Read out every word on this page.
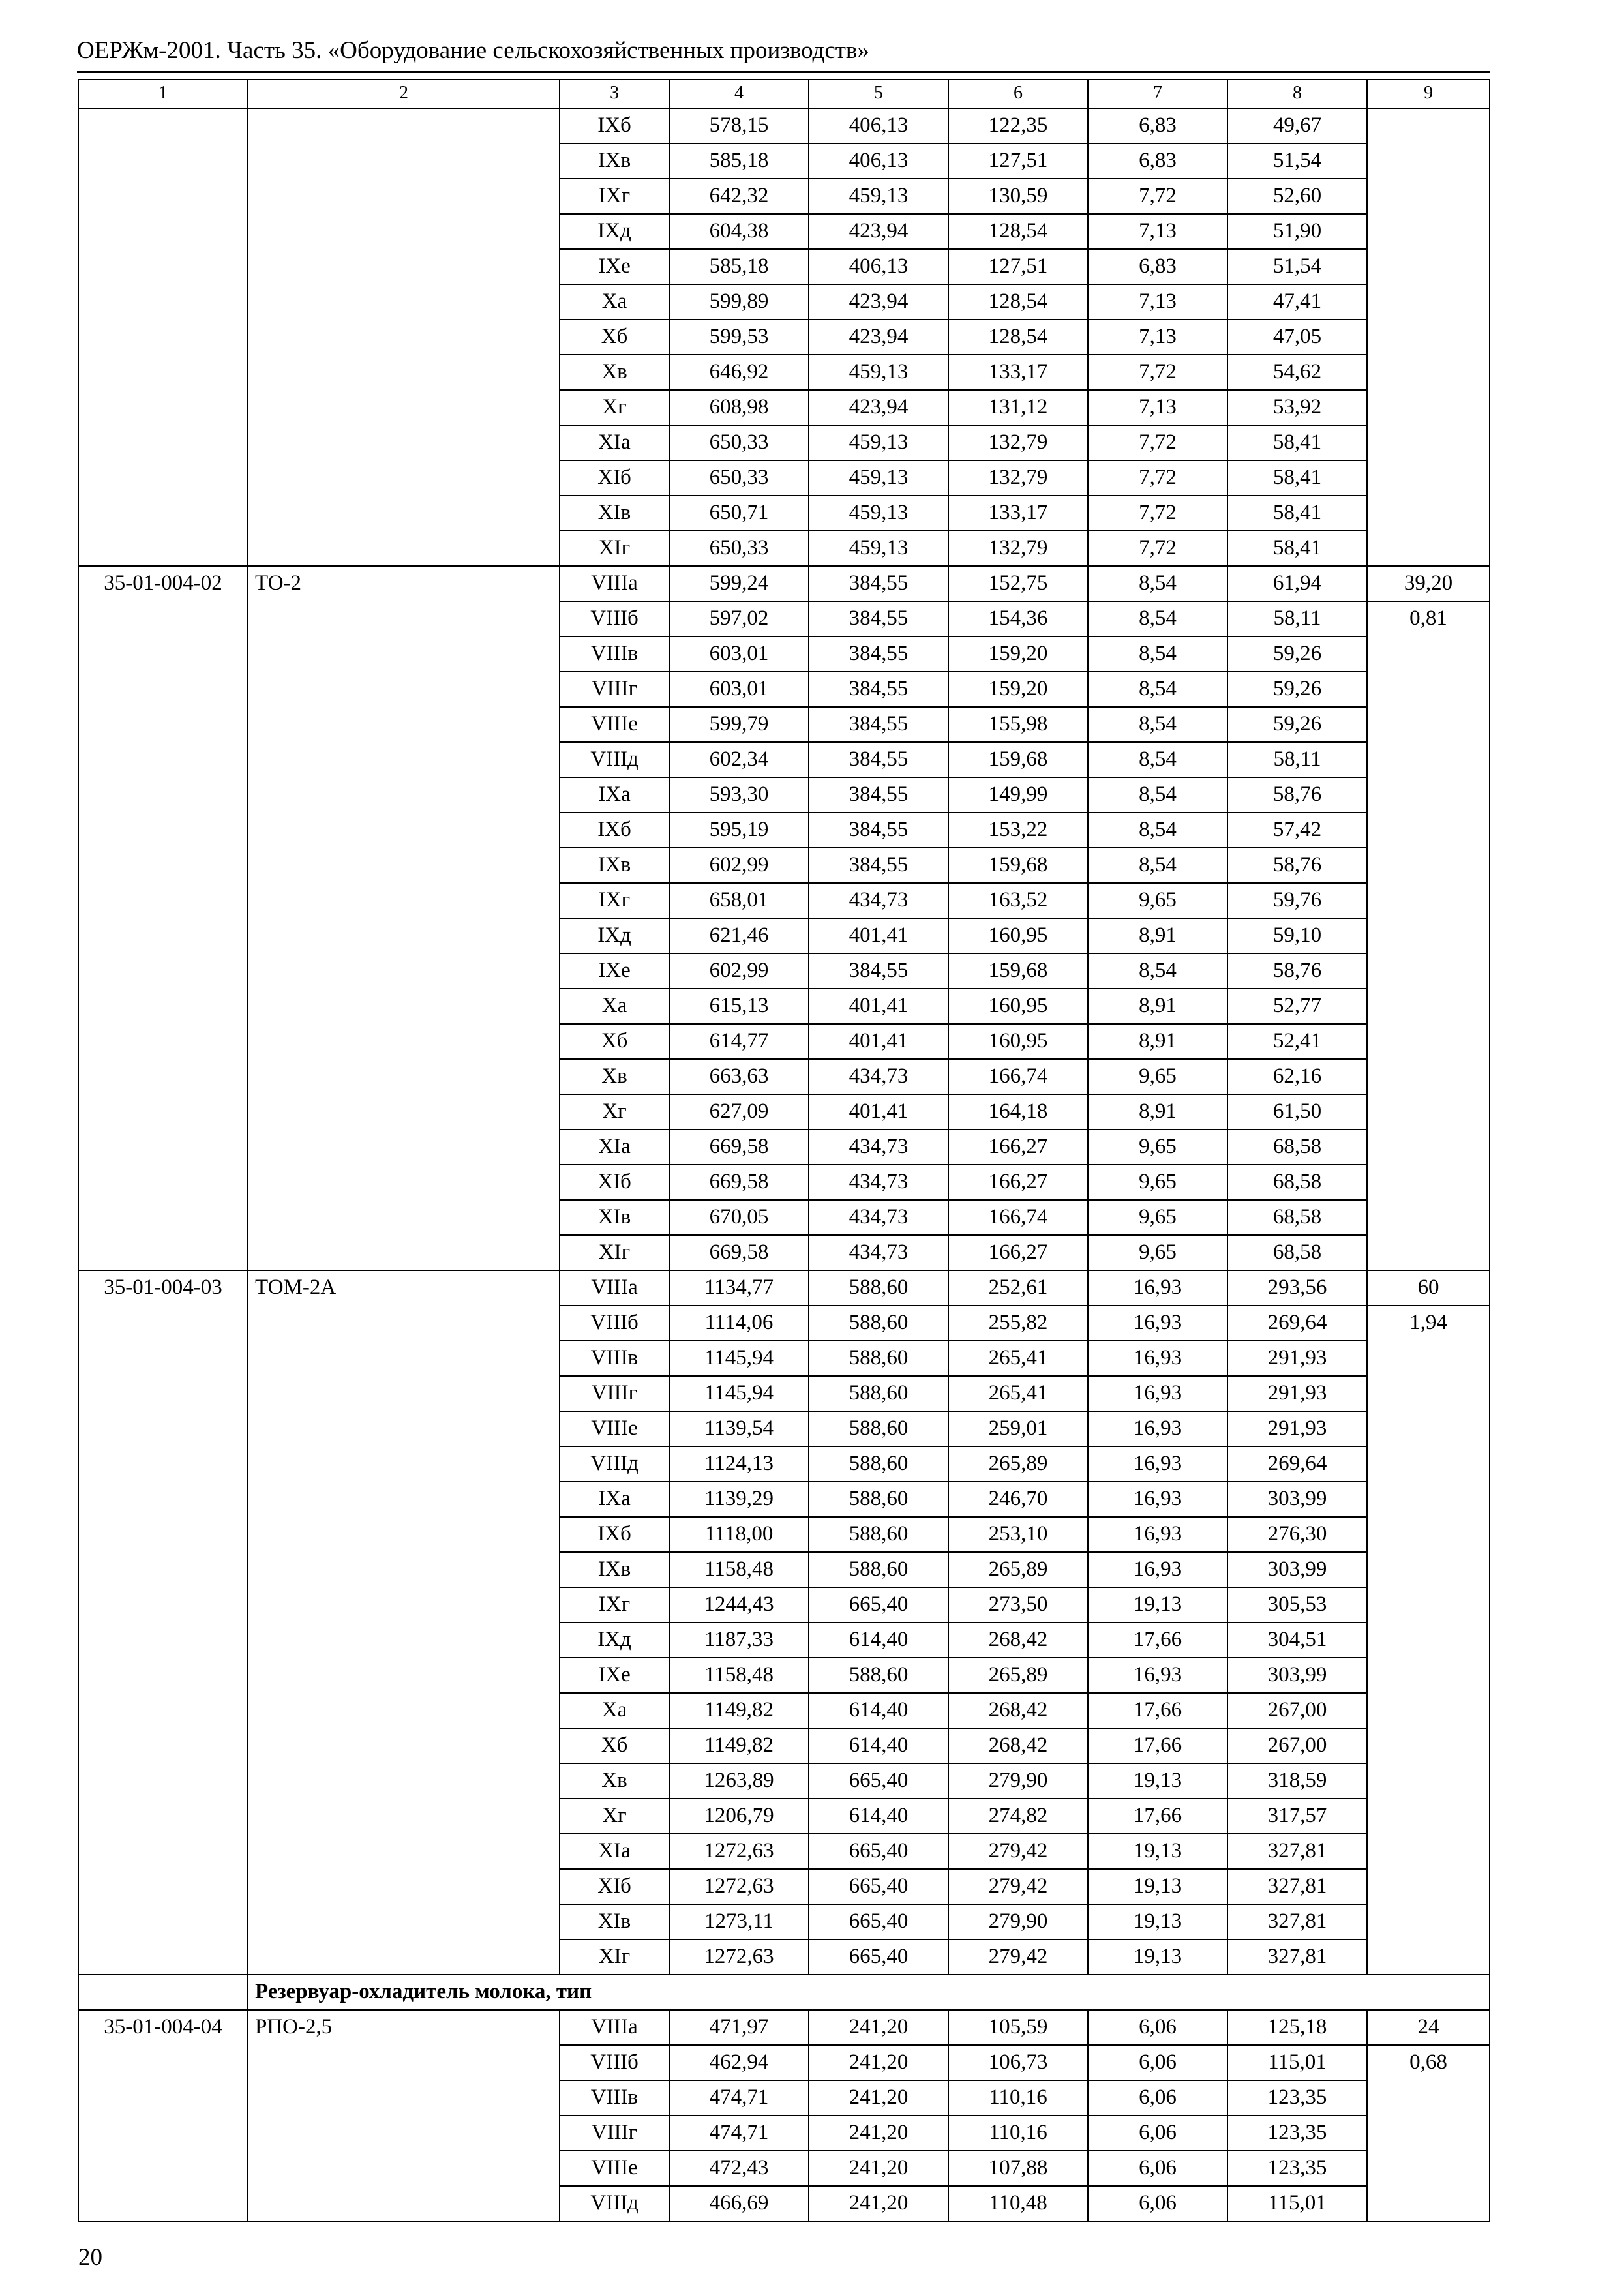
ОЕРЖм-2001. Часть 35. «Оборудование сельскохозяйственных производств»
1	2	3	4	5	6	7	8	9
		IXб	578,15	406,13	122,35	6,83	49,67	
		IXв	585,18	406,13	127,51	6,83	51,54	
		IXг	642,32	459,13	130,59	7,72	52,60	
		IXд	604,38	423,94	128,54	7,13	51,90	
		IXе	585,18	406,13	127,51	6,83	51,54	
		Xа	599,89	423,94	128,54	7,13	47,41	
		Xб	599,53	423,94	128,54	7,13	47,05	
		Xв	646,92	459,13	133,17	7,72	54,62	
		Xг	608,98	423,94	131,12	7,13	53,92	
		XIа	650,33	459,13	132,79	7,72	58,41	
		XIб	650,33	459,13	132,79	7,72	58,41	
		XIв	650,71	459,13	133,17	7,72	58,41	
		XIг	650,33	459,13	132,79	7,72	58,41	
35-01-004-02	ТО-2	VIIIа	599,24	384,55	152,75	8,54	61,94	39,20
		VIIIб	597,02	384,55	154,36	8,54	58,11	0,81
		VIIIв	603,01	384,55	159,20	8,54	59,26	
		VIIIг	603,01	384,55	159,20	8,54	59,26	
		VIIIе	599,79	384,55	155,98	8,54	59,26	
		VIIIд	602,34	384,55	159,68	8,54	58,11	
		IXа	593,30	384,55	149,99	8,54	58,76	
		IXб	595,19	384,55	153,22	8,54	57,42	
		IXв	602,99	384,55	159,68	8,54	58,76	
		IXг	658,01	434,73	163,52	9,65	59,76	
		IXд	621,46	401,41	160,95	8,91	59,10	
		IXе	602,99	384,55	159,68	8,54	58,76	
		Xа	615,13	401,41	160,95	8,91	52,77	
		Xб	614,77	401,41	160,95	8,91	52,41	
		Xв	663,63	434,73	166,74	9,65	62,16	
		Xг	627,09	401,41	164,18	8,91	61,50	
		XIа	669,58	434,73	166,27	9,65	68,58	
		XIб	669,58	434,73	166,27	9,65	68,58	
		XIв	670,05	434,73	166,74	9,65	68,58	
		XIг	669,58	434,73	166,27	9,65	68,58	
35-01-004-03	ТОМ-2А	VIIIа	1134,77	588,60	252,61	16,93	293,56	60
		VIIIб	1114,06	588,60	255,82	16,93	269,64	1,94
		VIIIв	1145,94	588,60	265,41	16,93	291,93	
		VIIIг	1145,94	588,60	265,41	16,93	291,93	
		VIIIе	1139,54	588,60	259,01	16,93	291,93	
		VIIIд	1124,13	588,60	265,89	16,93	269,64	
		IXа	1139,29	588,60	246,70	16,93	303,99	
		IXб	1118,00	588,60	253,10	16,93	276,30	
		IXв	1158,48	588,60	265,89	16,93	303,99	
		IXг	1244,43	665,40	273,50	19,13	305,53	
		IXд	1187,33	614,40	268,42	17,66	304,51	
		IXе	1158,48	588,60	265,89	16,93	303,99	
		Xа	1149,82	614,40	268,42	17,66	267,00	
		Xб	1149,82	614,40	268,42	17,66	267,00	
		Xв	1263,89	665,40	279,90	19,13	318,59	
		Xг	1206,79	614,40	274,82	17,66	317,57	
		XIа	1272,63	665,40	279,42	19,13	327,81	
		XIб	1272,63	665,40	279,42	19,13	327,81	
		XIв	1273,11	665,40	279,90	19,13	327,81	
		XIг	1272,63	665,40	279,42	19,13	327,81	
	Резервуар-охладитель молока, тип							
35-01-004-04	РПО-2,5	VIIIа	471,97	241,20	105,59	6,06	125,18	24
		VIIIб	462,94	241,20	106,73	6,06	115,01	0,68
		VIIIв	474,71	241,20	110,16	6,06	123,35	
		VIIIг	474,71	241,20	110,16	6,06	123,35	
		VIIIе	472,43	241,20	107,88	6,06	123,35	
		VIIIд	466,69	241,20	110,48	6,06	115,01	
20
